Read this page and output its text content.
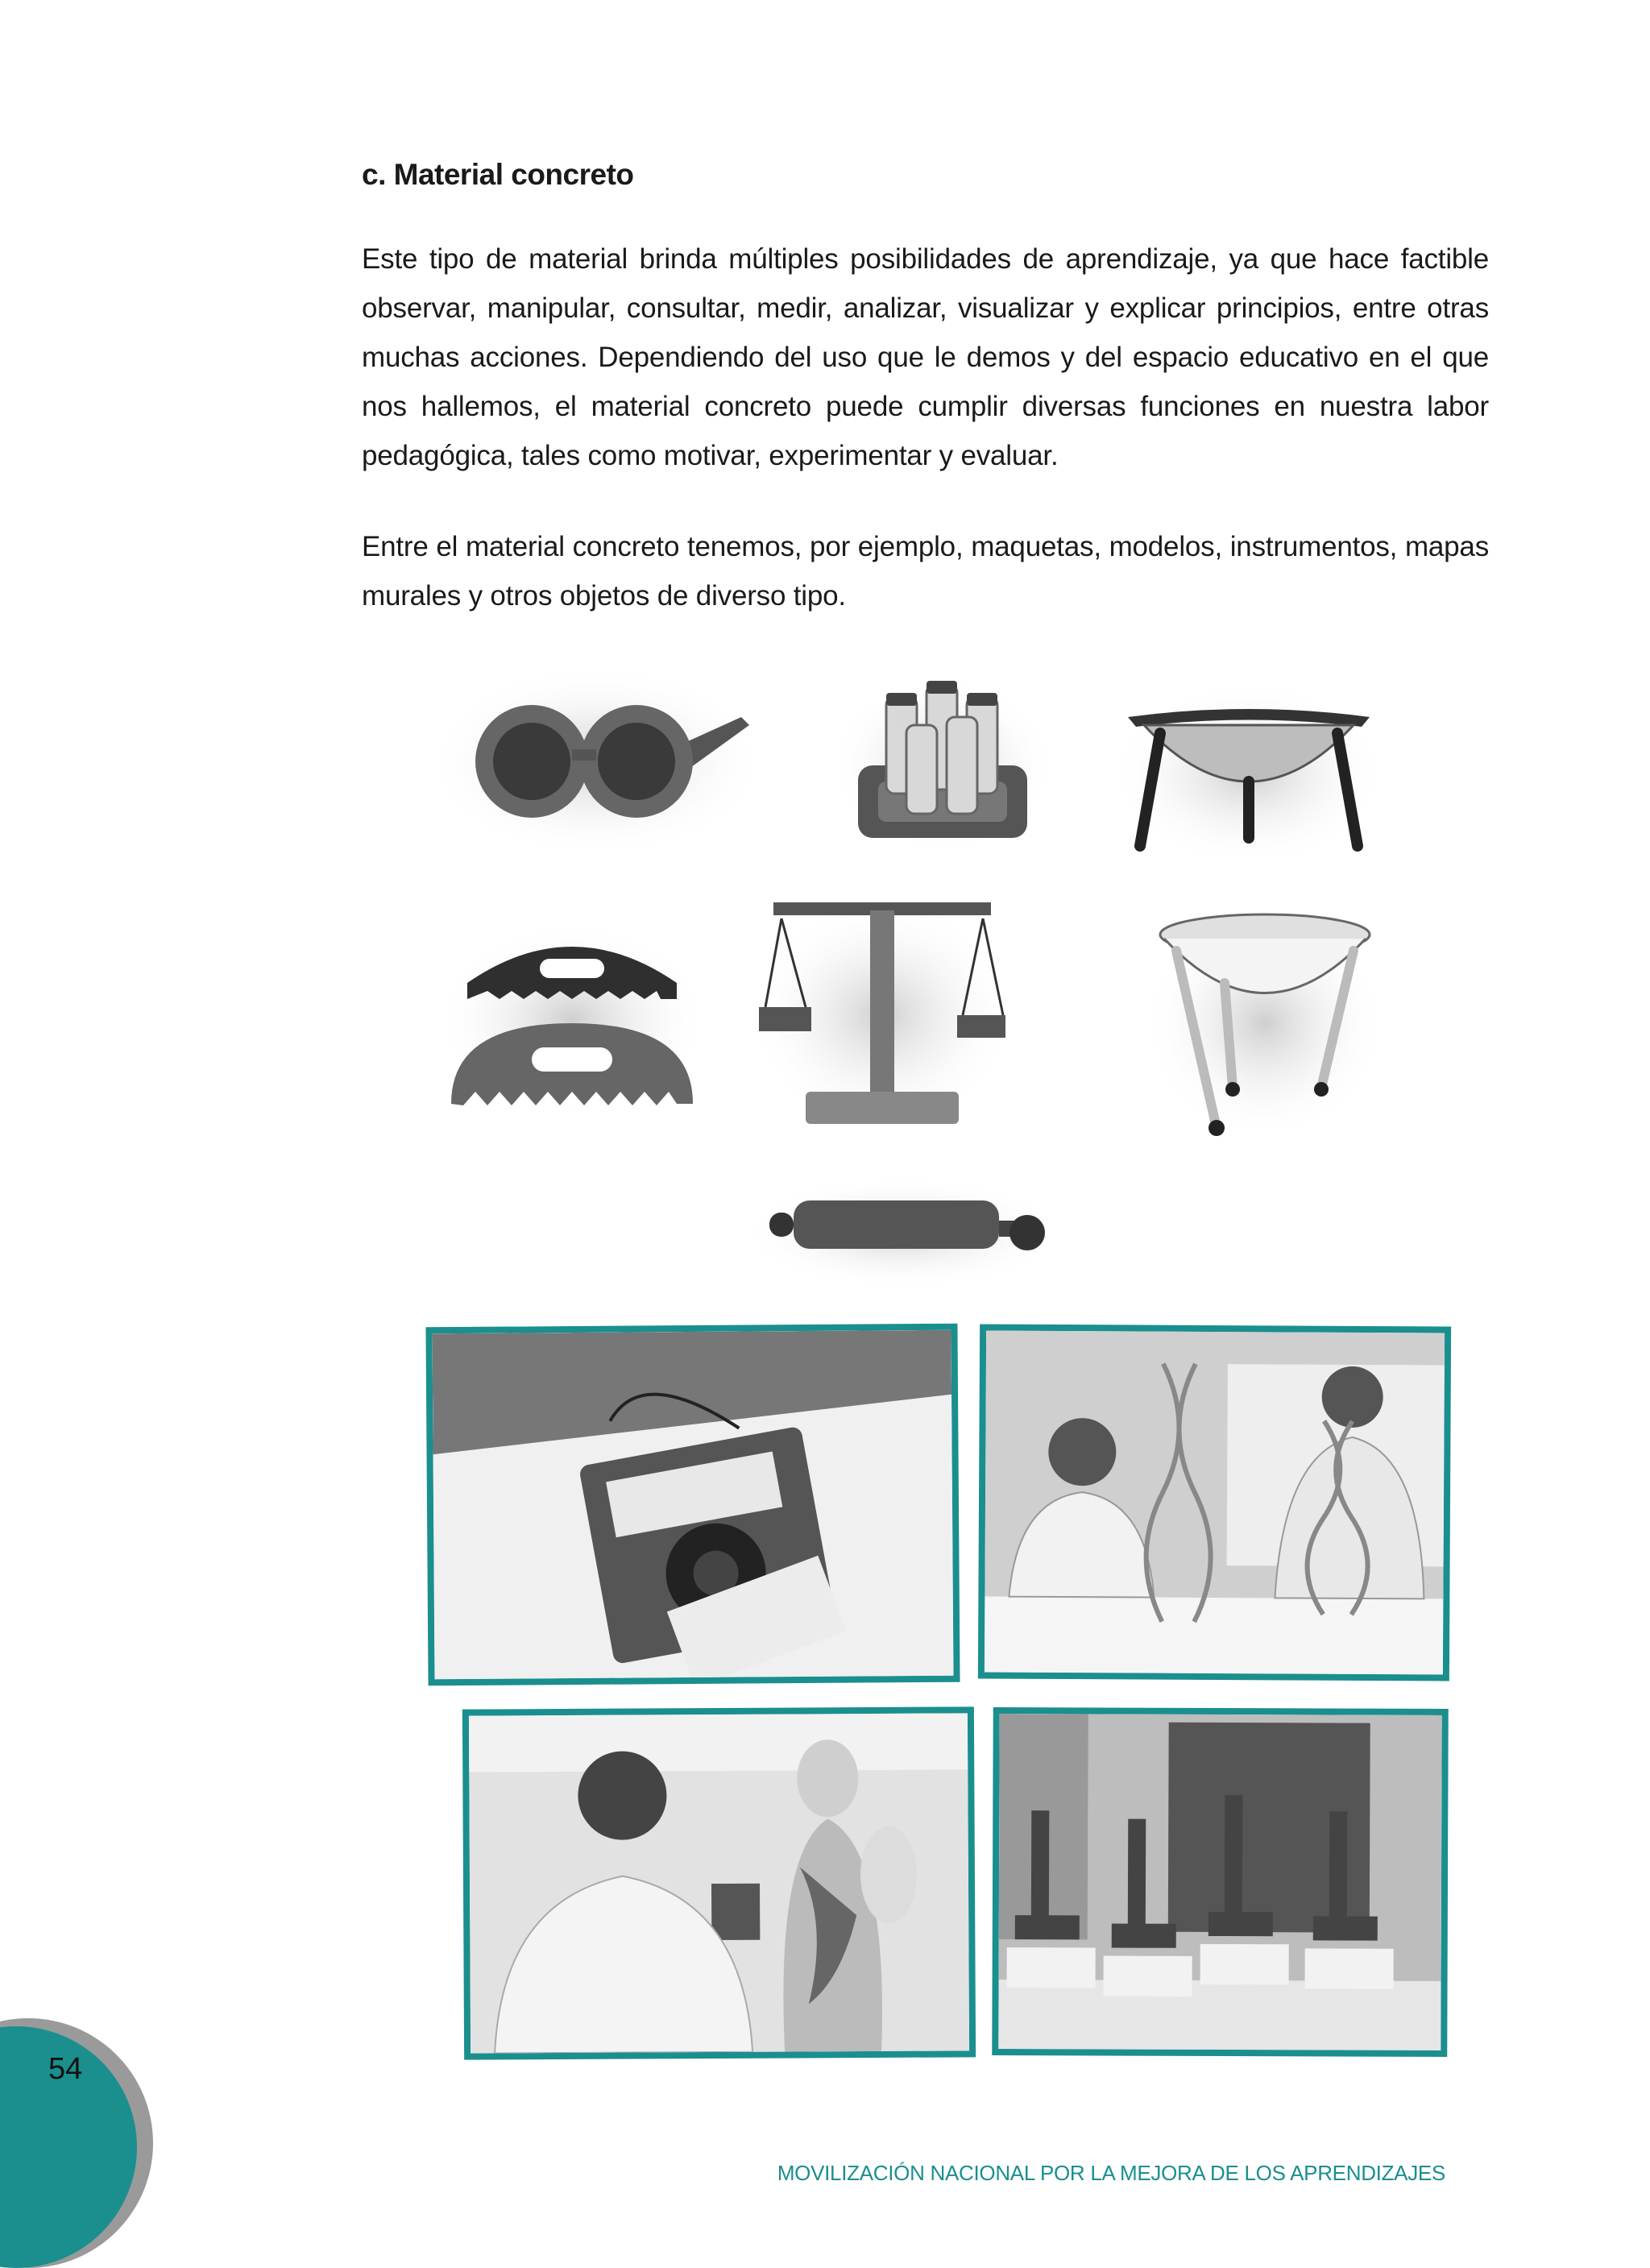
c. Material concreto
Este tipo de material brinda múltiples posibilidades de aprendizaje, ya que hace factible observar, manipular, consultar, medir, analizar, visualizar y explicar principios, entre otras muchas acciones. Dependiendo del uso que le demos y del espacio educativo en el que nos hallemos, el material concreto puede cumplir diversas funciones en nuestra labor pedagógica, tales como motivar, experimentar y evaluar.
Entre el material concreto tenemos, por ejemplo, maquetas, modelos, instrumentos, mapas murales y otros objetos de diverso tipo.
54
MOVILIZACIÓN NACIONAL POR LA MEJORA DE LOS APRENDIZAJES
